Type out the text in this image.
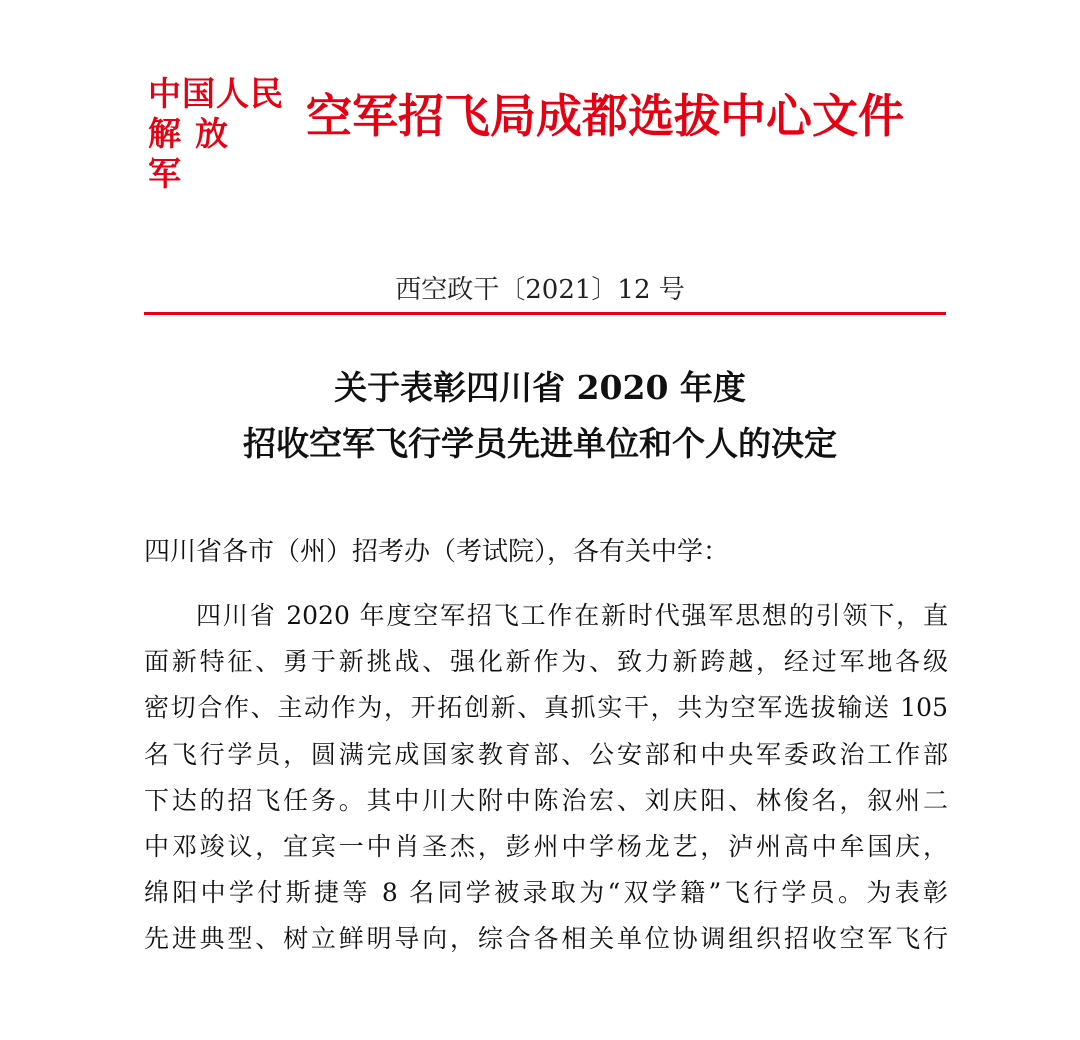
中国人民
解放军
空军招飞局成都选拔中心文件
西空政干〔2021〕12 号
关于表彰四川省 2020 年度
招收空军飞行学员先进单位和个人的决定
四川省各市（州）招考办（考试院），各有关中学：
四川省 2020 年度空军招飞工作在新时代强军思想的引领下，直
面新特征、勇于新挑战、强化新作为、致力新跨越，经过军地各级
密切合作、主动作为，开拓创新、真抓实干，共为空军选拔输送 105
名飞行学员，圆满完成国家教育部、公安部和中央军委政治工作部
下达的招飞任务。其中川大附中陈治宏、刘庆阳、林俊名，叙州二
中邓竣议，宜宾一中肖圣杰，彭州中学杨龙艺，泸州高中牟国庆，
绵阳中学付斯捷等 8 名同学被录取为“双学籍”飞行学员。为表彰
先进典型、树立鲜明导向，综合各相关单位协调组织招收空军飞行
